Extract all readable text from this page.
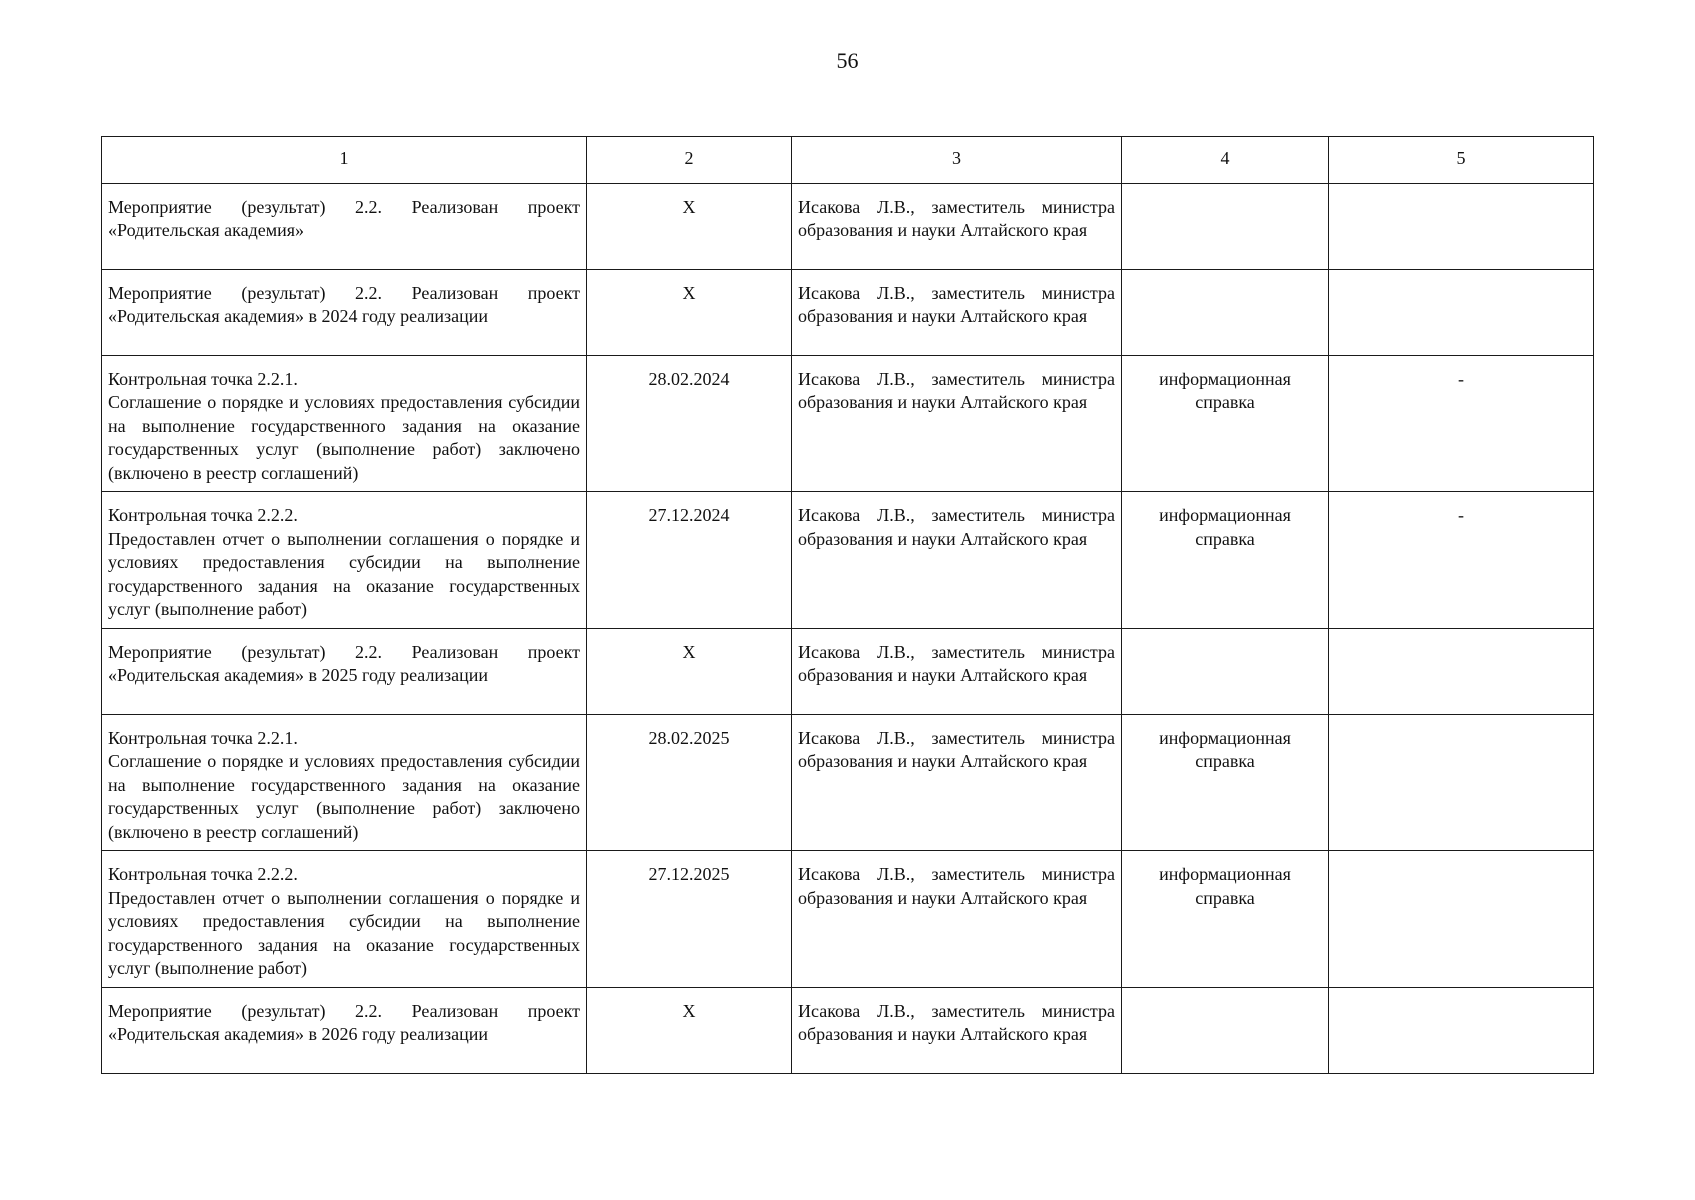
56
1	2	3	4	5

Мероприятие (результат) 2.2. Реализован проект «Родительская академия»	X	Исакова Л.В., заместитель министра образования и науки Алтайского края		

Мероприятие (результат) 2.2. Реализован проект «Родительская академия» в 2024 году реализации	X	Исакова Л.В., заместитель министра образования и науки Алтайского края		

Контрольная точка 2.2.1.
Соглашение о порядке и условиях предоставления субсидии на выполнение государственного задания на оказание государственных услуг (выполнение работ) заключено (включено в реестр соглашений)	28.02.2024	Исакова Л.В., заместитель министра образования и науки Алтайского края	информационная справка	-

Контрольная точка 2.2.2.
Предоставлен отчет о выполнении соглашения о порядке и условиях предоставления субсидии на выполнение государственного задания на оказание государственных услуг (выполнение работ)	27.12.2024	Исакова Л.В., заместитель министра образования и науки Алтайского края	информационная справка	-

Мероприятие (результат) 2.2. Реализован проект «Родительская академия» в 2025 году реализации	X	Исакова Л.В., заместитель министра образования и науки Алтайского края		

Контрольная точка 2.2.1.
Соглашение о порядке и условиях предоставления субсидии на выполнение государственного задания на оказание государственных услуг (выполнение работ) заключено (включено в реестр соглашений)	28.02.2025	Исакова Л.В., заместитель министра образования и науки Алтайского края	информационная справка	

Контрольная точка 2.2.2.
Предоставлен отчет о выполнении соглашения о порядке и условиях предоставления субсидии на выполнение государственного задания на оказание государственных услуг (выполнение работ)	27.12.2025	Исакова Л.В., заместитель министра образования и науки Алтайского края	информационная справка	

Мероприятие (результат) 2.2. Реализован проект «Родительская академия» в 2026 году реализации	X	Исакова Л.В., заместитель министра образования и науки Алтайского края		
